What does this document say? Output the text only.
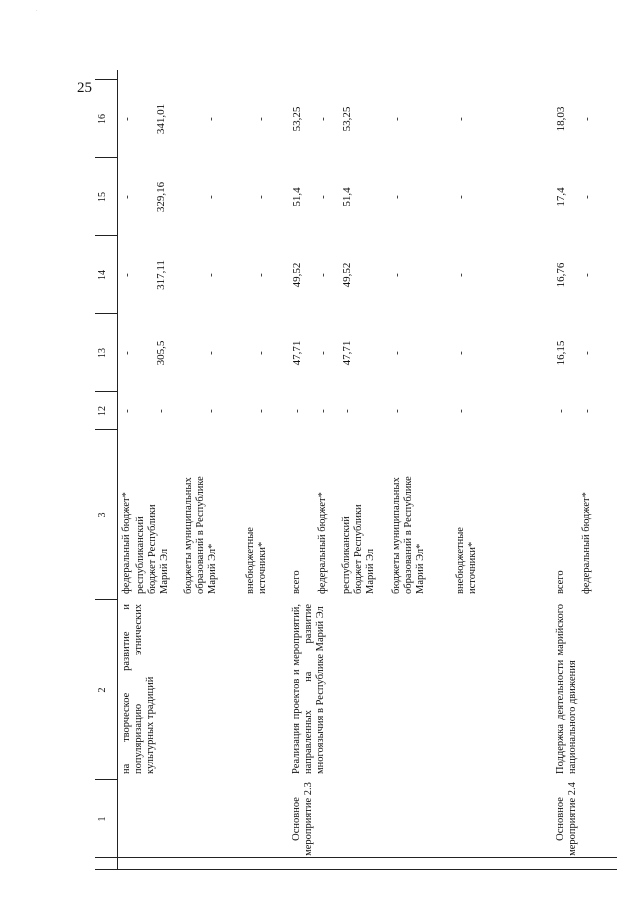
·
25
1
2
3
12
13
14
15
16
на творческое развитие и популяризацию этнических культурных традиций
федеральный бюджет* республиканский бюджет Республики Марий Эл бюджеты муниципальных образований в Республике Марий Эл*	внебюджетные источники*
-
-
-
-
-
-
305,5
317,11
329,16
341,01
-
-
-
-
-
-
-
-
-
-
Основное мероприятие 2.3
Реализация проектов и мероприятий, направленных на развитие многоязычия в Республике Марий Эл
всего федеральный бюджет* республиканский бюджет Республики Марий Эл бюджеты муниципальных образований в Республике Марий Эл*	внебюджетные источники*
-
47,71
49,52
51,4
53,25
-
-
-
-
-
-
47,71
49,52
51,4
53,25
-
-
-
-
-
-
-
-
-
-
Основное мероприятие 2.4
Поддержка деятельности марийского национального движения
всего федеральный бюджет*
-
16,15
16,76
17,4
18,03
-
-
-
-
-
